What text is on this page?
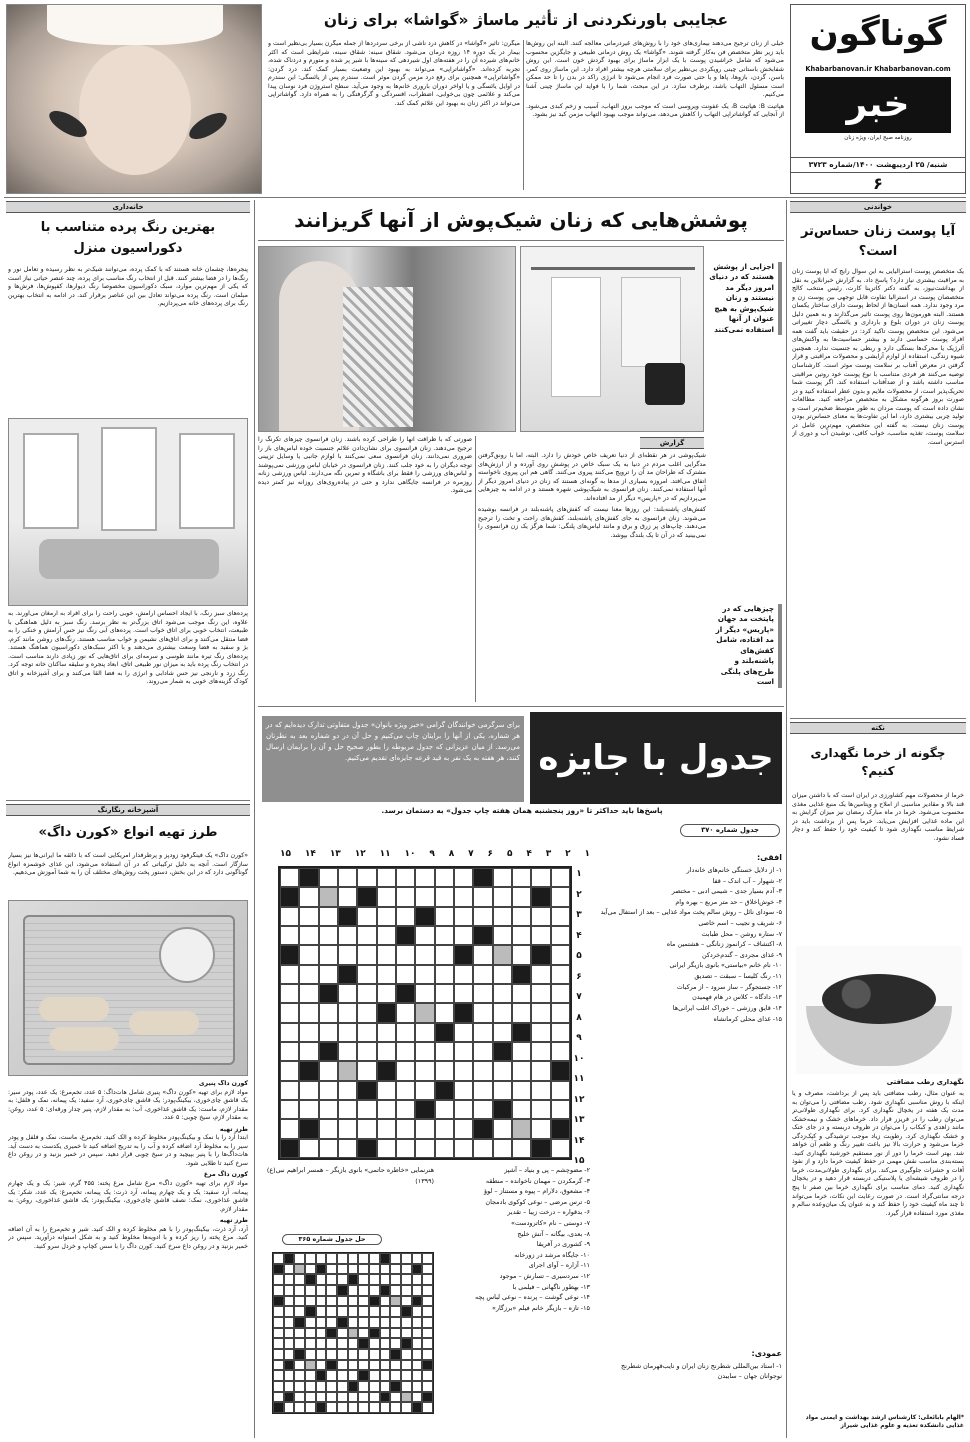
گوناگون
Khabarbanovan.ir Khabarbanovan.com
خبر
روزنامه صبح ایران، ویژه زنان
شنبه/ ۲۵ اردیبهشت ۱۴۰۰/شماره ۳۷۲۳
۶
عجایبی باورنکردنی از تأثیر ماساژ «گواشا» برای زنان

خیلی از زنان ترجیح می‌دهند بیماری‌های خود را با روش‌های غیردرمانی معالجه کنند. البته این روش‌ها باید زیر نظر متخصص فن به‌کار گرفته شوند. «گواشا» یک روش درمانی طبیعی و جایگزین محسوب می‌شود که شامل خراشیدن پوست با یک ابزار ماساژ برای بهبود گردش خون است. این روش شفابخش باستانی چینی رویکردی بی‌نظیر برای سلامتی هرچه بیشتر افراد دارد. این ماساژ روی کمر، باسن، گردن، بازوها، پاها و یا حتی صورت فرد انجام می‌شود تا انرژی راکد در بدن را تا حد ممکن است مسئول التهاب باشد، برطرف سازد. در این مبحث، شما را با فواید این ماساژ چینی آشنا می‌کنیم.

هپاتیت B: هپاتیت B، یک عفونت ویروسی است که موجب بروز التهاب، آسیب و زخم کبدی می‌شود. از آنجایی که گواشاتراپی التهاب را کاهش می‌دهد، می‌تواند موجب بهبود التهاب مزمن کبد نیز بشود.

میگرن: تأثیر «گواشا» در کاهش درد ناشی از برخی سردردها از جمله میگرن بسیار بی‌نظیر است و بیمار در یک دوره ۱۴ روزه درمان می‌شود. شقاق سینه: شقاق سینه، شرایطی است که اکثر خانم‌های شیرده آن را در هفته‌های اول شیردهی که سینه‌ها با شیر پر شده و متورم و دردناک شده، تجربه کرده‌اند. «گواشاتراپی» می‌تواند به بهبود این وضعیت بسیار کمک کند. درد گردن: «گواشاتراپی» همچنین برای رفع درد مزمن گردن موثر است. سندرم پس از یائسگی: این سندرم در اوایل یائسگی و یا اواخر دوران باروری خانم‌ها به وجود می‌آید. سطح استروژن فرد نوسان پیدا می‌کند و علائمی چون بی‌خوابی، اضطراب، افسردگی و گرگرفتگی را به همراه دارد. گواشاتراپی می‌تواند در اکثر زنان به بهبود این علائم کمک کند.

خواندنی
آیا پوست زنان حساس‌تر است؟
یک متخصص پوست استرالیایی به این سوال رایج که آیا پوست زنان به مراقبت بیشتری نیاز دارد؟ پاسخ داد. به گزارش خبرانلاین به نقل از بهداشت‌نیوز، به گفته دکتر کاترینا کارت، رئیس منتخب کالج متخصصان پوست در استرالیا تفاوت قابل توجهی بین پوست زن و مرد وجود ندارد. همه انسان‌ها از لحاظ پوست دارای ساختار یکسان هستند. البته هورمون‌ها روی پوست تاثیر می‌گذارند و به همین دلیل پوست زنان در دوران بلوغ و بارداری و یائسگی دچار تغییراتی می‌شود. این متخصص پوست تاکید کرد: در حقیقت باید گفت همه افراد پوست حساسی دارند و بیشتر حساسیت‌ها به واکنش‌های آلرژیک یا محرک‌ها بستگی دارد و ربطی به جنسیت ندارد. همچنین شیوه زندگی، استفاده از لوازم آرایشی و محصولات مراقبتی و قرار گرفتن در معرض آفتاب بر سلامت پوست موثر است. کارشناسان توصیه می‌کنند هر فردی متناسب با نوع پوست خود روتین مراقبتی مناسب داشته باشد و از ضدآفتاب استفاده کند. اگر پوست شما تحریک‌پذیر است، از محصولات ملایم و بدون عطر استفاده کنید و در صورت بروز هرگونه مشکل به متخصص مراجعه کنید. مطالعات نشان داده است که پوست مردان به طور متوسط ضخیم‌تر است و تولید چربی بیشتری دارد، اما این تفاوت‌ها به معنای حساس‌تر بودن پوست زنان نیست. به گفته این متخصص، مهم‌ترین عامل در سلامت پوست، تغذیه مناسب، خواب کافی، نوشیدن آب و دوری از استرس است.
نکته
چگونه از خرما نگهداری کنیم؟
خرما از محصولات مهم کشاورزی در ایران است که با داشتن میزان قند بالا و مقادیر مناسبی از املاح و ویتامین‌ها یک منبع غذایی مغذی محسوب می‌شود. خرما در ماه مبارک رمضان نیز میزان گرایش به این ماده غذایی افزایش می‌یابد. خرما پس از برداشت باید در شرایط مناسب نگهداری شود تا کیفیت خود را حفظ کند و دچار فساد نشود.
نگهداری رطب مضافتی
به عنوان مثال، رطب مضافتی باید پس از برداشت، مصرف و یا اینکه با روش مناسبی نگهداری شود. رطب مضافتی را می‌توان به مدت یک هفته در یخچال نگهداری کرد. برای نگهداری طولانی‌تر می‌توان رطب را در فریزر قرار داد. خرماهای خشک و نیمه‌خشک مانند زاهدی و کبکاب را می‌توان در ظروف دربسته و در جای خنک و خشک نگهداری کرد. رطوبت زیاد موجب ترشیدگی و کپک‌زدگی خرما می‌شود و حرارت بالا نیز باعث تغییر رنگ و طعم آن خواهد شد. بهتر است خرما را دور از نور مستقیم خورشید نگهداری کنید. بسته‌بندی مناسب نقش مهمی در حفظ کیفیت خرما دارد و از نفوذ آفات و حشرات جلوگیری می‌کند. برای نگهداری طولانی‌مدت، خرما را در ظروف شیشه‌ای یا پلاستیکی دربسته قرار دهید و در یخچال نگهداری کنید. دمای مناسب برای نگهداری خرما بین صفر تا پنج درجه سانتی‌گراد است. در صورت رعایت این نکات، خرما می‌تواند تا چند ماه کیفیت خود را حفظ کند و به عنوان یک میان‌وعده سالم و مغذی مورد استفاده قرار گیرد.
*الهام بابائعلی: کارشناس ارشد بهداشت و ایمنی مواد غذایی دانشکده تغذیه و علوم غذایی شیراز
پوشش‌هایی که زنان شیک‌پوش از آنها گریزانند
اجزایی از پوشش هستند که در دنیای امروز دیگر مد نیستند و زنان شیک‌پوش به هیچ عنوان از آنها استفاده نمی‌کنند
گزارش

شیک‌پوشی در هر نقطه‌ای از دنیا تعریف خاص خودش را دارد. البته، اما با رونق‌گرفتن مدگرایی اغلب مردم در دنیا به یک سبک خاص در پوشش روی آورده و از ارزش‌های مشترک که طراحان مد آن را ترویج می‌کنند پیروی می‌کنند. گاهی هم این پیروی ناخواسته اتفاق می‌افتد. امروزه بسیاری از مد‌ها به گونه‌ای هستند که زنان در دنیای امروز دیگر از آنها استفاده نمی‌کنند. زنان فرانسوی به شیک‌پوشی شهره هستند و در ادامه به چیزهایی می‌پردازیم که در «پاریس» دیگر از مد افتاده‌اند.

کفش‌های پاشنه‌بلند: این روزها معنا نیست که کفش‌های پاشنه‌بلند در فرانسه بوشیده می‌شوند. زنان فرانسوی به جای کفش‌های پاشنه‌بلند، کفش‌های راحت و تخت را ترجیح می‌دهند. چاپ‌های پر زرق و برق و مانند لباس‌های پلنگی: شما هرگز یک زن فرانسوی را نمی‌بینید که در آن تا یک بلندگ بپوشد.

چیزهایی که در پایتخت مد جهان «پاریس» دیگر از مد افتاده، شامل کفش‌های پاشنه‌بلند و طرح‌های پلنگی است
صورتی که با ظرافت آنها را طراحی کرده باشند. زنان فرانسوی چیزهای تکرنگ را ترجیح می‌دهند. زنان فرانسوی برای نشان‌دادن علائم جنسیت خوده لباس‌های باز را ضروری نمی‌دانند. زنان فرانسوی سعی نمی‌کنند با لوازم جانبی یا وسایل تزیینی توجه دیگران را به خود جلب کنند. زنان فرانسوی در خیابان لباس ورزشی نمی‌پوشند و لباس‌های ورزشی را فقط برای باشگاه و تمرین نگه می‌دارند. لباس ورزشی زنانه روزمره در فرانسه جایگاهی ندارد و حتی در پیاده‌روی‌های روزانه نیز کمتر دیده می‌شود.
جدول با جایزه
برای سرگرمی خوانندگان گرامی «خبر ویژه بانوان» جدول متفاوتی تدارک دیده‌ایم که در هر شماره، یکی از آنها را برایتان چاپ می‌کنیم و حل آن در دو شماره بعد به نظرتان می‌رسد. از میان عزیزانی که جدول مربوطه را بطور صحیح حل و آن را برایمان ارسال کنند، هر هفته به یک نفر به قید قرعه جایزه‌ای تقدیم می‌کنیم.
پاسخ‌ها باید حداکثر تا «روز پنجشنبه همان هفته چاپ جدول» به دستمان برسد.
جدول شماره ۳۷۰
افقی:
۱- از دلایل خستگی خانم‌های خانه‌دار
۲- شهوار – آب اندک – قفا
۳- آدم بسیار جدی – شیمی ادبی – مختصر
۴- خوش‌اخلاق – حد متر مربع – بهره وام
۵- سودای نائل – روش سالم پخت مواد غذایی – بعد از استفال می‌آید
۶- شریف و نجیب – اسم خاصی
۷- ستاره روشن – محل طبابت
۸- اکتشاف – کرانموز زنانگی – هشتمین ماه
۹- غذای مجردی – گندم‌خردکن
۱۰- نام خانم «بیاستی» بانوی بازیگر ایرانی
۱۱- رنگ کلیسا – سبقت – تصدیق
۱۲- جستجوگر – ساز سرود – از مرکبات
۱۳- دادگاه – کلاس در هام فهمیدن
۱۴- قایق ورزشی – خوراک اغلب ایرانی‌ها
۱۵- غذای محلی کرمانشاه
۱
۲
۳
۴
۵
۶
۷
۸
۹
۱۰
۱۱
۱۲
۱۳
۱۴
۱۵
۱
۲
۳
۴
۵
۶
۷
۸
۹
۱۰
۱۱
۱۲
۱۳
۱۴
۱۵
عمودی:
۱- استاد بین‌المللی شطرنج زنان ایران و نایب‌قهرمان شطرنج نوجوانان جهان – سایبدن
۲- مضوچشم – پی و بنیاد – آشپز
۳- گرمکردن – مهمان ناخوانده – منطقه
۴- مشعوق، دلارام – پیوه و مستناز – لوؤ
۵- ترس مرضی – نوعی کوکوی بادمجان
۶- بدقواره – درخت زیبا – تقدیر
۷- دوستی – نام «کاترودست»
۸- بعدی، بیگانه – آتش خلیج
۹- کشوری در آفریقا
۱۰- جایگاه مرشد در زورخانه
۱۱- آزاره – آوای اجرای
۱۲- سردسیری – تسارش – موجود
۱۳- بهطور ناگهانی – فیلمی با
۱۴- نوعی گوشت – پرنده – نوعی لباس پچه
۱۵- تازه – بازیگر خانم فیلم «برزگار»
هنرنمایی «خاطره حاتمی» بانوی بازیگر – همسر ابراهیم نبی(ع)
(۱۳۹۹)
حل جدول شماره ۳۶۵
خانه‌داری
بهترین رنگ پرده متناسب با دکوراسیون منزل
پنجره‌ها، چشمان خانه هستند که با کمک پرده، می‌توانند شیک‌تر به نظر رسیده و تعامل نور و رنگ‌ها را در فضا بیشتر کنند. قبل از انتخاب رنگ مناسب برای پرده، چند عنصر حیاتی نیاز است که یکی از مهم‌ترین موارد، سبک دکوراسیون مخصوصا رنگ دیوارها، کفپوش‌ها، فرش‌ها و مبلمان است. رنگ پرده می‌تواند تعادل بین این عناصر برقرار کند. در ادامه به انتخاب بهترین رنگ برای پرده‌های خانه می‌پردازیم.
پرده‌های سبز رنگ، با ایجاد احساس آرامش، خوبی راحت را برای افراد به ارمغان می‌آورند. به علاوه، این رنگ موجب می‌شود اتاق بزرگ‌تر به نظر برسد. رنگ سبز به دلیل هماهنگی با طبیعت، انتخاب خوبی برای اتاق خواب است. پرده‌های آبی رنگ نیز حس آرامش و خنکی را به فضا منتقل می‌کنند و برای اتاق‌های نشیمن و خواب مناسب هستند. رنگ‌های روشن مانند کرم، بژ و سفید به فضا وسعت بیشتری می‌دهند و با اکثر سبک‌های دکوراسیون هماهنگ هستند. پرده‌های رنگ تیره مانند طوسی و سرمه‌ای برای اتاق‌هایی که نور زیادی دارند مناسب است. در انتخاب رنگ پرده باید به میزان نور طبیعی اتاق، ابعاد پنجره و سلیقه ساکنان خانه توجه کرد. رنگ زرد و نارنجی نیز حس شادابی و انرژی را به فضا القا می‌کنند و برای آشپزخانه و اتاق کودک گزینه‌های خوبی به شمار می‌روند.
آشپزخانه رنگارنگ
طرز تهیه انواع «کورن داگ»
«کورن داگ» یک فینگرفود زودپز و پرطرفدار آمریکایی است که با ذائقه ما ایرانی‌ها نیز بسیار سازگار است. آنچه به دلیل ترکیباتی که در آن استفاده می‌شود، این غذای خوشمزه انواع گوناگونی دارد که در این بخش، دستور پخت روش‌های مختلف آن را به شما آموزش می‌دهیم.
کورن داگ پنیری

مواد لازم برای تهیه «کورن داگ» پنیری شامل هات‌داگ: ۵ عدد، تخم‌مرغ: یک عدد، پودر سیر: یک قاشق چای‌خوری، بیکینگ‌پودر: یک قاشق چای‌خوری، آرد سفید: یک پیمانه، نمک و فلفل: به مقدار لازم، ماست: یک قاشق غذاخوری، آب: به مقدار لازم، پنیر چدار ورقه‌ای: ۵ عدد، روغن: به مقدار لازم، سیخ چوبی: ۵ عدد.

طرز تهیه

ابتدا آرد را با نمک و بیکینگ‌پودر مخلوط کرده و الک کنید. تخم‌مرغ، ماست، نمک و فلفل و پودر سیر را به مخلوط آرد اضافه کرده و آب را به تدریج اضافه کنید تا خمیری یکدست به دست آید. هات‌داگ‌ها را با پنیر بپیچید و در سیخ چوبی قرار دهید. سپس در خمیر بزنید و در روغن داغ سرخ کنید تا طلایی شود.

کورن داگ مرغ

مواد لازم برای تهیه «کورن داگ» مرغ شامل مرغ پخته: ۴۵۵ گرم، شیر: یک و یک چهارم پیمانه، آرد سفید: یک و یک چهارم پیمانه، آرد ذرت: یک پیمانه، تخم‌مرغ: یک عدد، شکر: یک قاشق غذاخوری، نمک: نصف قاشق چای‌خوری، بیکینگ‌پودر: یک قاشق غذاخوری، روغن: به مقدار لازم.

طرز تهیه

آرد، آرد ذرت، بیکینگ‌پودر را با هم مخلوط کرده و الک کنید. شیر و تخم‌مرغ را به آن اضافه کنید. مرغ پخته را ریز کرده و با ادویه‌ها مخلوط کنید و به شکل استوانه درآورید. سپس در خمیر بزنید و در روغن داغ سرخ کنید. کورن داگ را با سس کچاپ و خردل سرو کنید.
